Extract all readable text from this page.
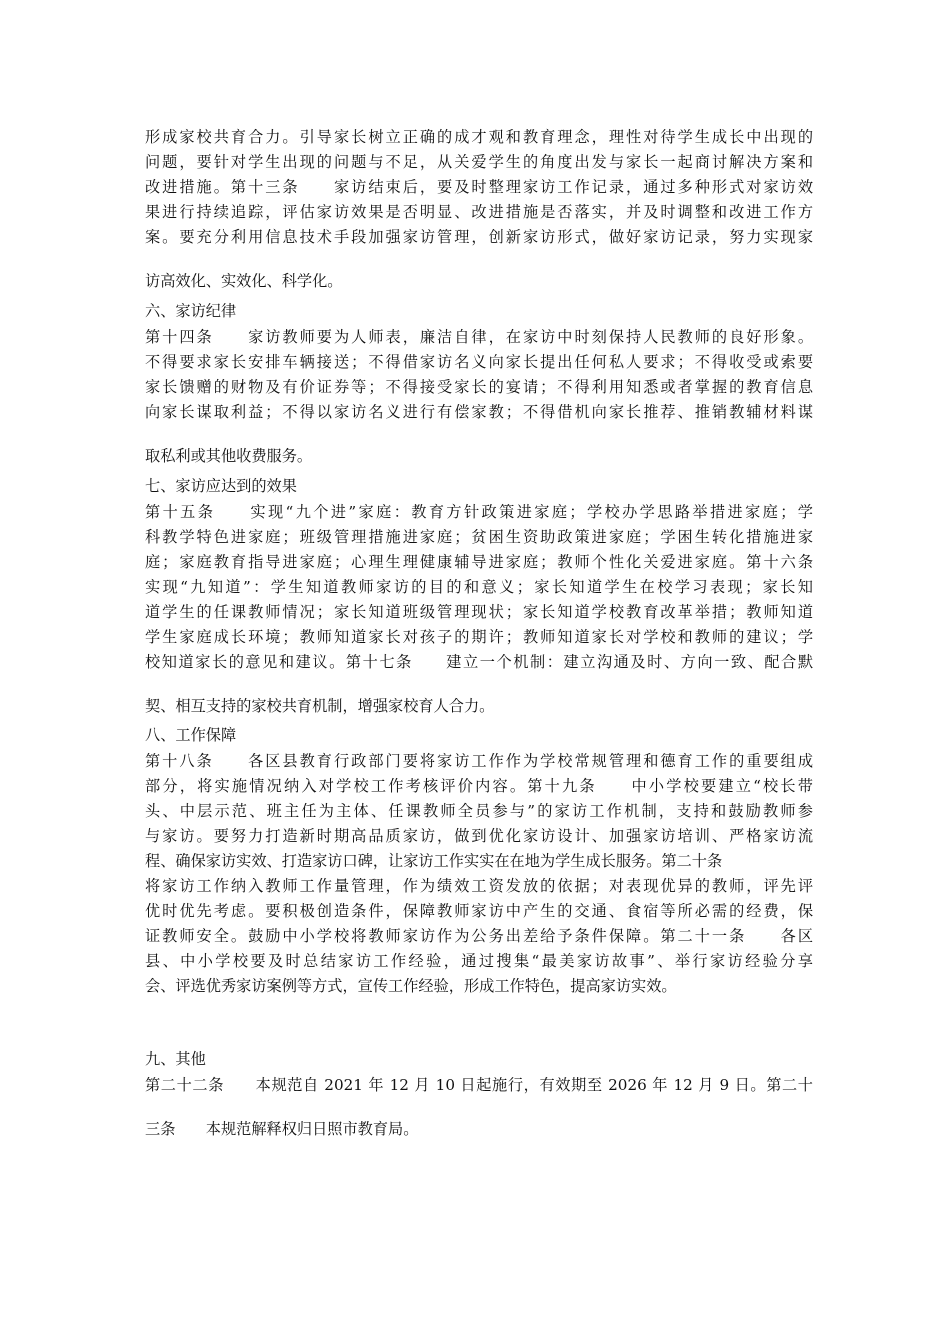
形成家校共育合力。引导家长树立正确的成才观和教育理念，理性对待学生成长中出现的
问题，要针对学生出现的问题与不足，从关爱学生的角度出发与家长一起商讨解决方案和
改进措施。第十三条　　家访结束后，要及时整理家访工作记录，通过多种形式对家访效
果进行持续追踪，评估家访效果是否明显、改进措施是否落实，并及时调整和改进工作方
案。要充分利用信息技术手段加强家访管理，创新家访形式，做好家访记录，努力实现家
访高效化、实效化、科学化。
六、家访纪律
第十四条　　家访教师要为人师表，廉洁自律，在家访中时刻保持人民教师的良好形象。
不得要求家长安排车辆接送；不得借家访名义向家长提出任何私人要求；不得收受或索要
家长馈赠的财物及有价证券等；不得接受家长的宴请；不得利用知悉或者掌握的教育信息
向家长谋取利益；不得以家访名义进行有偿家教；不得借机向家长推荐、推销教辅材料谋
取私利或其他收费服务。
七、家访应达到的效果
第十五条　　实现“九个进”家庭：教育方针政策进家庭；学校办学思路举措进家庭；学
科教学特色进家庭；班级管理措施进家庭；贫困生资助政策进家庭；学困生转化措施进家
庭；家庭教育指导进家庭；心理生理健康辅导进家庭；教师个性化关爱进家庭。第十六条
实现“九知道”：学生知道教师家访的目的和意义；家长知道学生在校学习表现；家长知
道学生的任课教师情况；家长知道班级管理现状；家长知道学校教育改革举措；教师知道
学生家庭成长环境；教师知道家长对孩子的期许；教师知道家长对学校和教师的建议；学
校知道家长的意见和建议。第十七条　　建立一个机制：建立沟通及时、方向一致、配合默
契、相互支持的家校共育机制，增强家校育人合力。
八、工作保障
第十八条　　各区县教育行政部门要将家访工作作为学校常规管理和德育工作的重要组成
部分，将实施情况纳入对学校工作考核评价内容。第十九条　　中小学校要建立“校长带
头、中层示范、班主任为主体、任课教师全员参与”的家访工作机制，支持和鼓励教师参
与家访。要努力打造新时期高品质家访，做到优化家访设计、加强家访培训、严格家访流
程、确保家访实效、打造家访口碑，让家访工作实实在在地为学生成长服务。第二十条
将家访工作纳入教师工作量管理，作为绩效工资发放的依据；对表现优异的教师，评先评
优时优先考虑。要积极创造条件，保障教师家访中产生的交通、食宿等所必需的经费，保
证教师安全。鼓励中小学校将教师家访作为公务出差给予条件保障。第二十一条　　各区
县、中小学校要及时总结家访工作经验，通过搜集“最美家访故事”、举行家访经验分享
会、评选优秀家访案例等方式，宣传工作经验，形成工作特色，提高家访实效。
九、其他
第二十二条　　本规范自 2021 年 12 月 10 日起施行，有效期至 2026 年 12 月 9 日。第二十
三条　　本规范解释权归日照市教育局。
